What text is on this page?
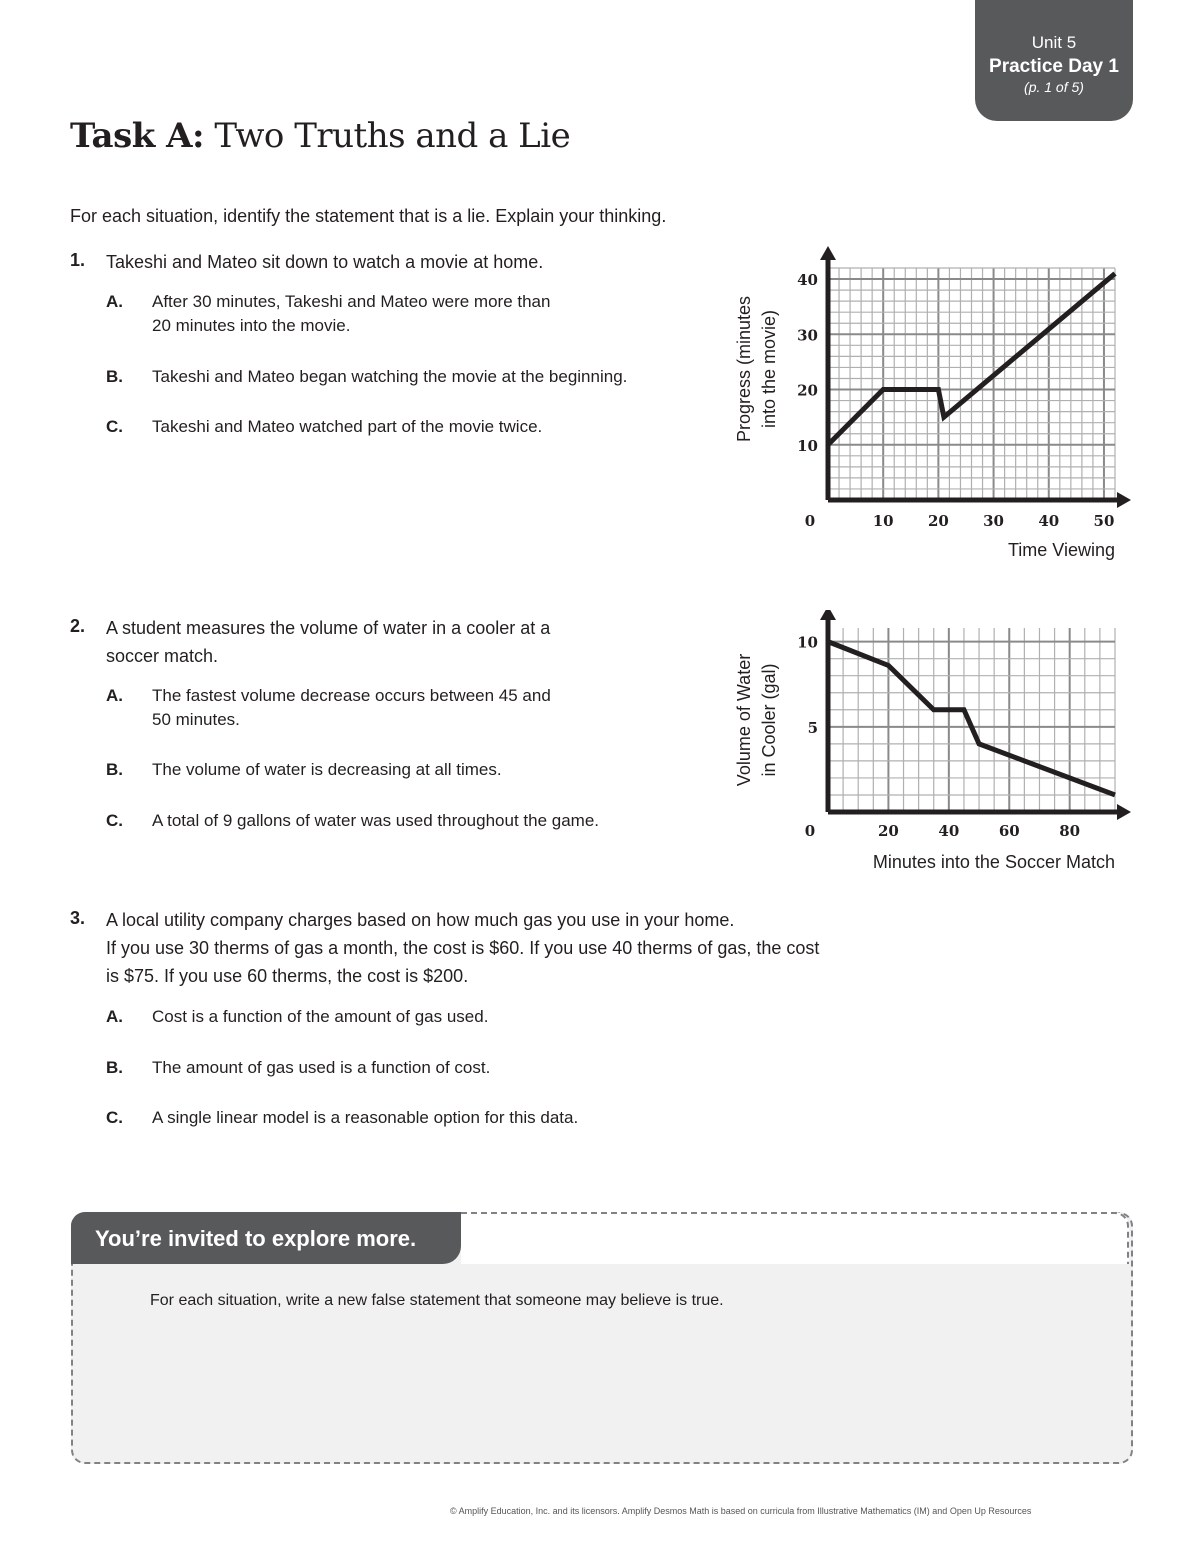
Unit 5
Practice Day 1
(p. 1 of 5)
Task A: Two Truths and a Lie
For each situation, identify the statement that is a lie. Explain your thinking.
1. Takeshi and Mateo sit down to watch a movie at home.
A. After 30 minutes, Takeshi and Mateo were more than
20 minutes into the movie.
B. Takeshi and Mateo began watching the movie at the beginning.
C. Takeshi and Mateo watched part of the movie twice.
2. A student measures the volume of water in a cooler at a
soccer match.
A. The fastest volume decrease occurs between 45 and
50 minutes.
B. The volume of water is decreasing at all times.
C. A total of 9 gallons of water was used throughout the game.
3. A local utility company charges based on how much gas you use in your home.
If you use 30 therms of gas a month, the cost is $60. If you use 40 therms of gas, the cost
is $75. If you use 60 therms, the cost is $200.
A. Cost is a function of the amount of gas used.
B. The amount of gas used is a function of cost.
C. A single linear model is a reasonable option for this data.
0	10 20 30 40 50
10
20
30
40
Time Viewing
Progress (minutes into the movie)
0	20	40	60	80
5
10
Minutes into the Soccer Match
Volume of Water in Cooler (gal)
You’re invited to explore more.
For each situation, write a new false statement that someone may believe is true.
© Amplify Education, Inc. and its licensors. Amplify Desmos Math is based on curricula from Illustrative Mathematics (IM) and Open Up Resources
